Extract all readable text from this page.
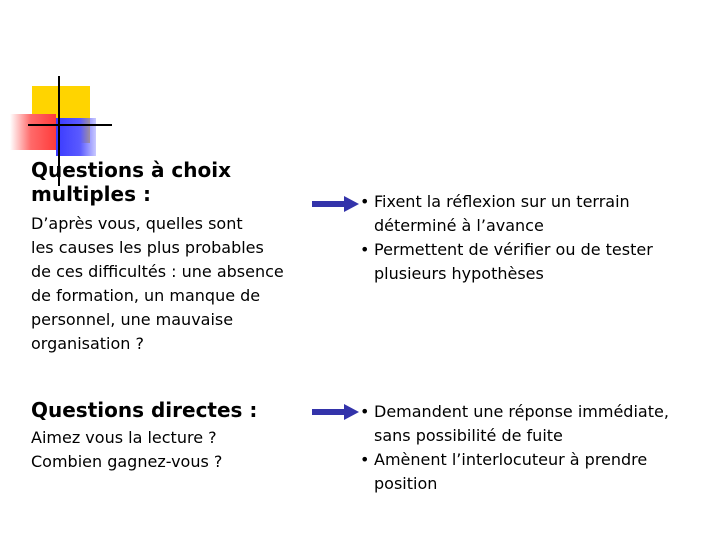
Questions à choix
multiples :

D’après vous, quelles sont
les causes les plus probables
de ces difficultés : une absence
de formation, un manque de
personnel, une mauvaise
organisation ?

• Fixent la réflexion sur un terrain déterminé à l’avance
• Permettent de vérifier ou de tester plusieurs hypothèses

Questions directes :

Aimez vous la lecture ?
Combien gagnez-vous ?

• Demandent une réponse immédiate, sans possibilité de fuite
• Amènent l’interlocuteur à prendre position
